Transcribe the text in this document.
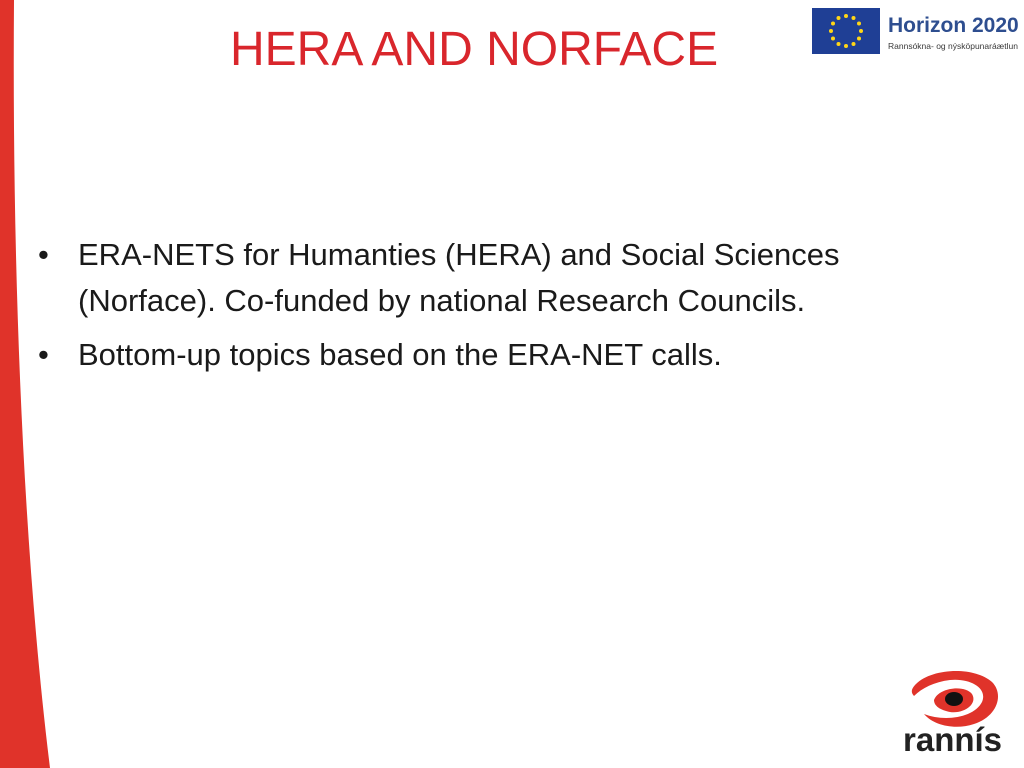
HERA AND NORFACE	Horizon 2020
Rannsókna- og nýsköpunaráætlun
• ERA-NETS for Humanties (HERA) and Social Sciences (Norface). Co-funded by national Research Councils.
• Bottom-up topics based on the ERA-NET calls.
rannís
